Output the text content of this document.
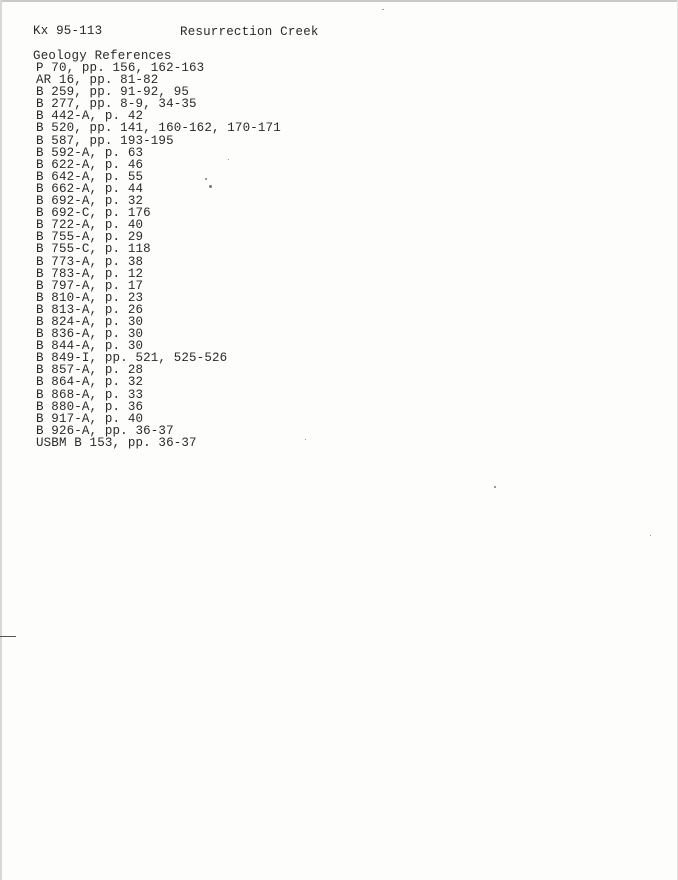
Kx 95-113	Resurrection Creek
Geology References
P 70, pp. 156, 162-163
AR 16, pp. 81-82
B 259, pp. 91-92, 95
B 277, pp. 8-9, 34-35
B 442-A, p. 42
B 520, pp. 141, 160-162, 170-171
B 587, pp. 193-195
B 592-A, p. 63
B 622-A, p. 46
B 642-A, p. 55
B 662-A, p. 44
B 692-A, p. 32
B 692-C, p. 176
B 722-A, p. 40
B 755-A, p. 29
B 755-C, p. 118
B 773-A, p. 38
B 783-A, p. 12
B 797-A, p. 17
B 810-A, p. 23
B 813-A, p. 26
B 824-A, p. 30
B 836-A, p. 30
B 844-A, p. 30
B 849-I, pp. 521, 525-526
B 857-A, p. 28
B 864-A, p. 32
B 868-A, p. 33
B 880-A, p. 36
B 917-A, p. 40
B 926-A, pp. 36-37
USBM B 153, pp. 36-37
